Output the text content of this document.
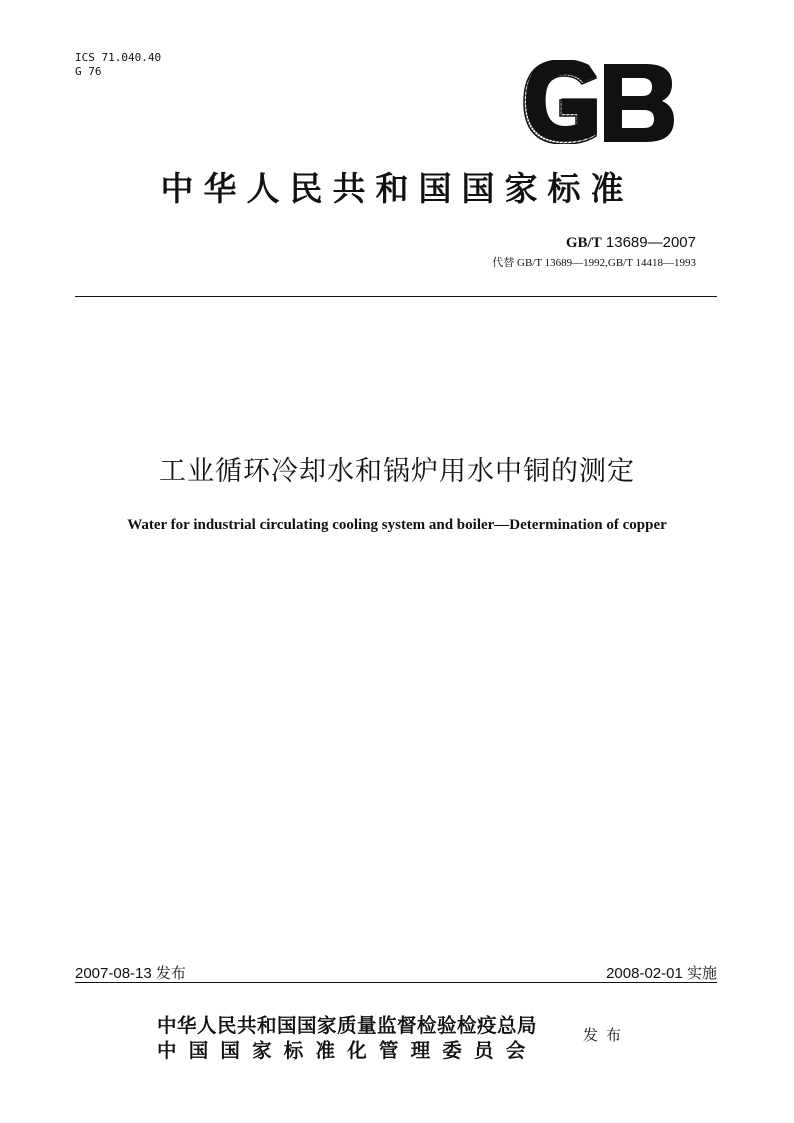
ICS 71.040.40
G 76
中华人民共和国国家标准
GB/T 13689—2007
代替 GB/T 13689—1992,GB/T 14418—1993
工业循环冷却水和锅炉用水中铜的测定
Water for industrial circulating cooling system and boiler—Determination of copper
2007-08-13 发布	2008-02-01 实施
中华人民共和国国家质量监督检验检疫总局
中国国家标准化管理委员会
发布
